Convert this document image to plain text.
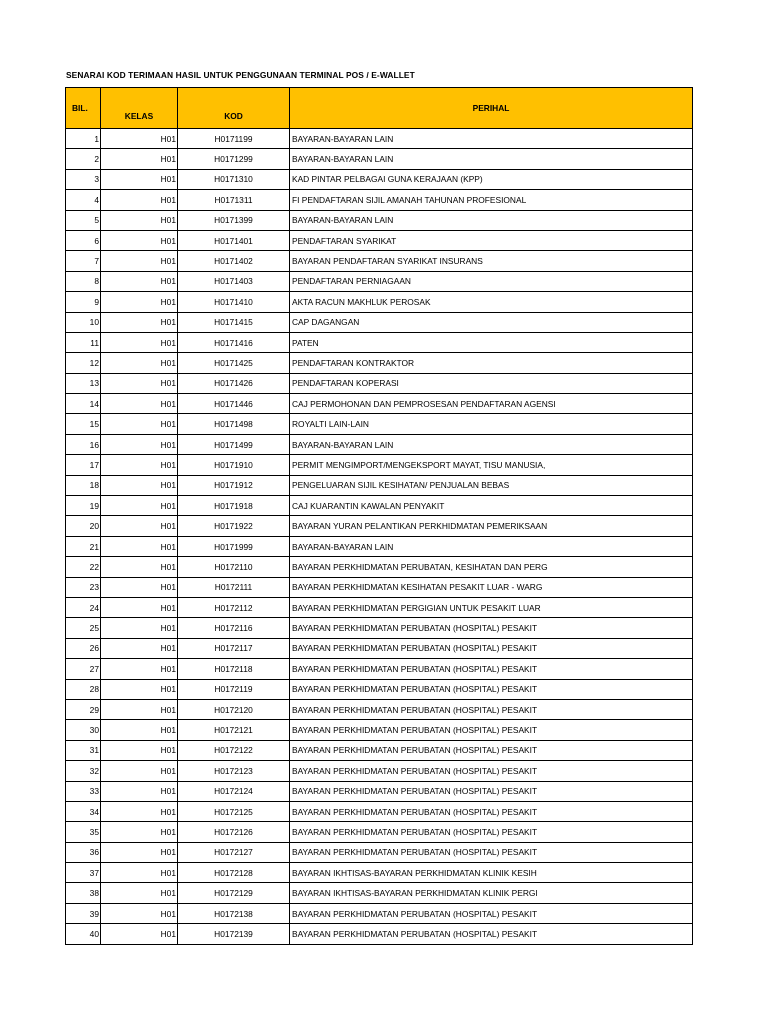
SENARAI KOD TERIMAAN HASIL UNTUK PENGGUNAAN TERMINAL POS / E-WALLET
BIL.	KELAS	KOD	PERIHAL
1	H01	H0171199	BAYARAN-BAYARAN LAIN
2	H01	H0171299	BAYARAN-BAYARAN LAIN
3	H01	H0171310	KAD PINTAR PELBAGAI GUNA KERAJAAN (KPP)
4	H01	H0171311	FI PENDAFTARAN SIJIL AMANAH TAHUNAN PROFESIONAL
5	H01	H0171399	BAYARAN-BAYARAN LAIN
6	H01	H0171401	PENDAFTARAN SYARIKAT
7	H01	H0171402	BAYARAN PENDAFTARAN SYARIKAT INSURANS
8	H01	H0171403	PENDAFTARAN PERNIAGAAN
9	H01	H0171410	AKTA RACUN MAKHLUK PEROSAK
10	H01	H0171415	CAP DAGANGAN
11	H01	H0171416	PATEN
12	H01	H0171425	PENDAFTARAN KONTRAKTOR
13	H01	H0171426	PENDAFTARAN KOPERASI
14	H01	H0171446	CAJ PERMOHONAN DAN PEMPROSESAN PENDAFTARAN AGENSI
15	H01	H0171498	ROYALTI LAIN-LAIN
16	H01	H0171499	BAYARAN-BAYARAN LAIN
17	H01	H0171910	PERMIT MENGIMPORT/MENGEKSPORT MAYAT, TISU MANUSIA,
18	H01	H0171912	PENGELUARAN SIJIL KESIHATAN/ PENJUALAN BEBAS
19	H01	H0171918	CAJ KUARANTIN KAWALAN PENYAKIT
20	H01	H0171922	BAYARAN YURAN PELANTIKAN PERKHIDMATAN PEMERIKSAAN
21	H01	H0171999	BAYARAN-BAYARAN LAIN
22	H01	H0172110	BAYARAN PERKHIDMATAN PERUBATAN, KESIHATAN DAN PERG
23	H01	H0172111	BAYARAN PERKHIDMATAN KESIHATAN PESAKIT LUAR - WARG
24	H01	H0172112	BAYARAN PERKHIDMATAN PERGIGIAN UNTUK PESAKIT LUAR
25	H01	H0172116	BAYARAN PERKHIDMATAN PERUBATAN (HOSPITAL) PESAKIT
26	H01	H0172117	BAYARAN PERKHIDMATAN PERUBATAN (HOSPITAL) PESAKIT
27	H01	H0172118	BAYARAN PERKHIDMATAN PERUBATAN (HOSPITAL) PESAKIT
28	H01	H0172119	BAYARAN PERKHIDMATAN PERUBATAN (HOSPITAL) PESAKIT
29	H01	H0172120	BAYARAN PERKHIDMATAN PERUBATAN (HOSPITAL) PESAKIT
30	H01	H0172121	BAYARAN PERKHIDMATAN PERUBATAN (HOSPITAL) PESAKIT
31	H01	H0172122	BAYARAN PERKHIDMATAN PERUBATAN (HOSPITAL) PESAKIT
32	H01	H0172123	BAYARAN PERKHIDMATAN PERUBATAN (HOSPITAL) PESAKIT
33	H01	H0172124	BAYARAN PERKHIDMATAN PERUBATAN (HOSPITAL) PESAKIT
34	H01	H0172125	BAYARAN PERKHIDMATAN PERUBATAN (HOSPITAL) PESAKIT
35	H01	H0172126	BAYARAN PERKHIDMATAN PERUBATAN (HOSPITAL) PESAKIT
36	H01	H0172127	BAYARAN PERKHIDMATAN PERUBATAN (HOSPITAL) PESAKIT
37	H01	H0172128	BAYARAN IKHTISAS-BAYARAN PERKHIDMATAN KLINIK KESIH
38	H01	H0172129	BAYARAN IKHTISAS-BAYARAN PERKHIDMATAN KLINIK PERGI
39	H01	H0172138	BAYARAN PERKHIDMATAN PERUBATAN (HOSPITAL) PESAKIT
40	H01	H0172139	BAYARAN PERKHIDMATAN PERUBATAN (HOSPITAL) PESAKIT
